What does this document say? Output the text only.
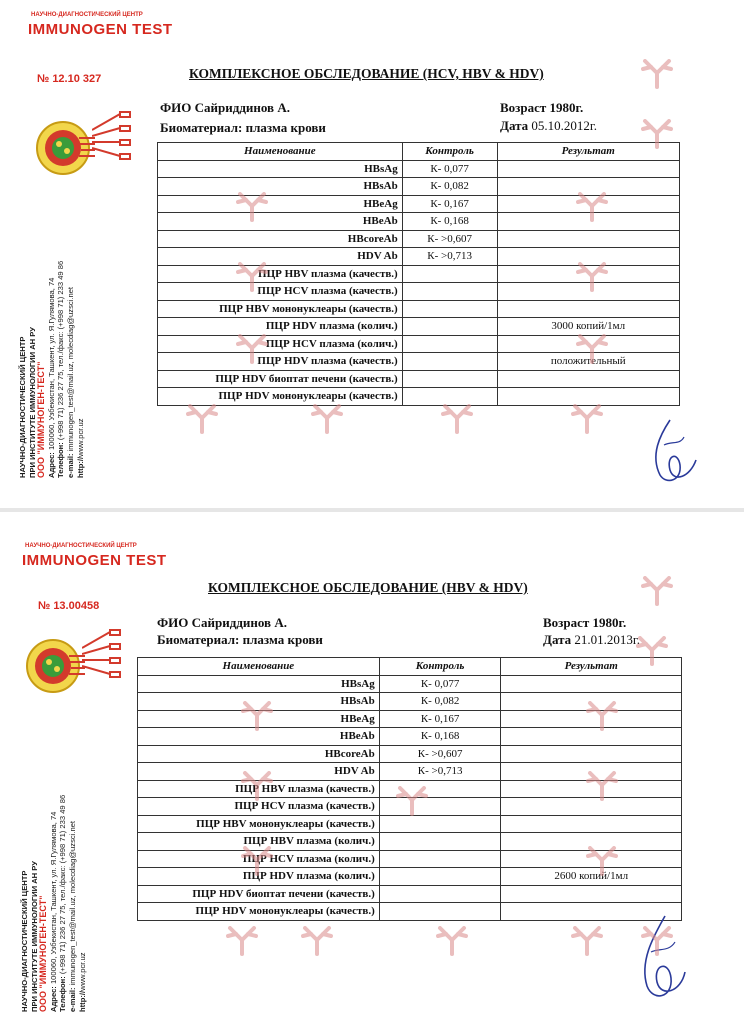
НАУЧНО-ДИАГНОСТИЧЕСКИЙ ЦЕНТР
IMMUNOGEN TEST
№ 12.10 327
НАУЧНО-ДИАГНОСТИЧЕСКИЙ ЦЕНТР ПРИ ИНСТИТУТЕ ИММУНОЛОГИИ АН РУ ООО "ИММУНОГЕН-ТЕСТ" Адрес: 100060, Узбекистан, Ташкент, ул. Я.Гулямова, 74
Телефон: (+998 71) 236 27 75, тел./факс: (+998 71) 233 49 86
e-mail: immunogen_test@mail.uz, molecdiag@uzsci.net
http://www.pcr.uz
КОМПЛЕКСНОЕ ОБСЛЕДОВАНИЕ (HCV, HBV & HDV)
ФИО Сайриддинов А.
Биоматериал: плазма крови
Возраст 1980г.
Дата 05.10.2012г.
Наименование	Контроль	Результат
HBsAg	К- 0,077	
HBsAb	К- 0,082	
HBeAg	К- 0,167	
HBeAb	К- 0,168	
HBcoreAb	К- >0,607	
HDV Ab	К- >0,713	
ПЦР HBV плазма (качеств.)		
ПЦР HCV плазма (качеств.)		
ПЦР HBV мононуклеары (качеств.)		
ПЦР HDV плазма (колич.)		3000 копий/1мл
ПЦР HCV плазма (колич.)		
ПЦР HDV плазма (качеств.)		положительный
ПЦР HDV биоптат печени (качеств.)		
ПЦР HDV мононуклеары (качеств.)		
НАУЧНО-ДИАГНОСТИЧЕСКИЙ ЦЕНТР
IMMUNOGEN TEST
№ 13.00458
НАУЧНО-ДИАГНОСТИЧЕСКИЙ ЦЕНТР ПРИ ИНСТИТУТЕ ИММУНОЛОГИИ АН РУ ООО "ИММУНОГЕН-ТЕСТ" Адрес: 100060, Узбекистан, Ташкент, ул. Я.Гулямова, 74
Телефон: (+998 71) 236 27 75, тел./факс: (+998 71) 233 49 86
e-mail: immunogen_test@mail.uz, molecdiag@uzsci.net
http://www.pcr.uz
КОМПЛЕКСНОЕ ОБСЛЕДОВАНИЕ (HBV & HDV)
ФИО Сайриддинов А.
Биоматериал: плазма крови
Возраст 1980г.
Дата 21.01.2013г.
Наименование	Контроль	Результат
HBsAg	К- 0,077	
HBsAb	К- 0,082	
HBeAg	К- 0,167	
HBeAb	К- 0,168	
HBcoreAb	К- >0,607	
HDV Ab	К- >0,713	
ПЦР HBV плазма (качеств.)		
ПЦР HCV плазма (качеств.)		
ПЦР HBV мононуклеары (качеств.)		
ПЦР HBV плазма (колич.)		
ПЦР HCV плазма (колич.)		
ПЦР HDV плазма (колич.)		2600 копий/1мл
ПЦР HDV биоптат печени (качеств.)		
ПЦР HDV мононуклеары (качеств.)		
